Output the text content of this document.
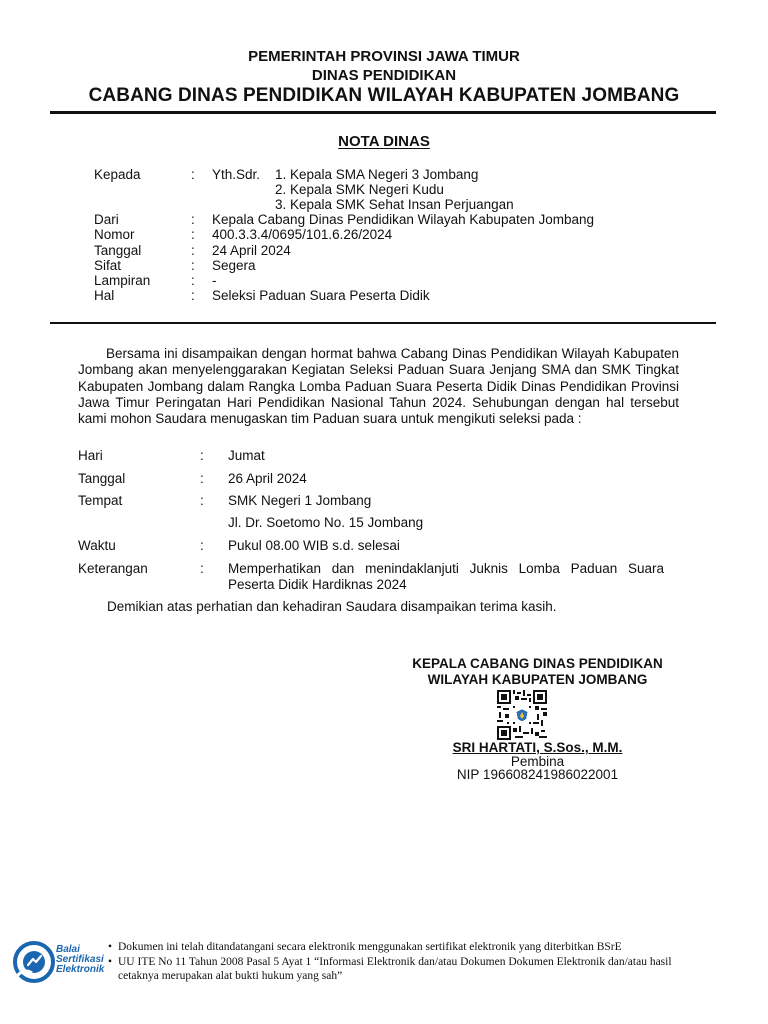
PEMERINTAH PROVINSI JAWA TIMUR
DINAS PENDIDIKAN
CABANG DINAS PENDIDIKAN WILAYAH KABUPATEN JOMBANG
NOTA DINAS
Kepada	: Yth.Sdr. 1. Kepala SMA Negeri 3 Jombang
2. Kepala SMK Negeri Kudu
3. Kepala SMK Sehat Insan Perjuangan
Dari	: Kepala Cabang Dinas Pendidikan Wilayah Kabupaten Jombang
Nomor	: 400.3.3.4/0695/101.6.26/2024
Tanggal	: 24 April 2024
Sifat	: Segera
Lampiran	: -
Hal	: Seleksi Paduan Suara Peserta Didik

Bersama ini disampaikan dengan hormat bahwa Cabang Dinas Pendidikan Wilayah Kabupaten Jombang akan menyelenggarakan Kegiatan Seleksi Paduan Suara Jenjang SMA dan SMK Tingkat Kabupaten Jombang dalam Rangka Lomba Paduan Suara Peserta Didik Dinas Pendidikan Provinsi Jawa Timur Peringatan Hari Pendidikan Nasional Tahun 2024. Sehubungan dengan hal tersebut kami mohon Saudara menugaskan tim Paduan suara untuk mengikuti seleksi pada :

Hari	: Jumat
Tanggal	: 26 April 2024
Tempat	: SMK Negeri 1 Jombang
Jl. Dr. Soetomo No. 15 Jombang
Waktu	: Pukul 08.00 WIB s.d. selesai
Keterangan	: Memperhatikan dan menindaklanjuti Juknis Lomba Paduan Suara Peserta Didik Hardiknas 2024
Demikian atas perhatian dan kehadiran Saudara disampaikan terima kasih.
KEPALA CABANG DINAS PENDIDIKAN
WILAYAH KABUPATEN JOMBANG
SRI HARTATI, S.Sos., M.M.
Pembina
NIP 196608241986022001
Balai
Sertifikasi
Elektronik
• Dokumen ini telah ditandatangani secara elektronik menggunakan sertifikat elektronik yang diterbitkan BSrE
• UU ITE No 11 Tahun 2008 Pasal 5 Ayat 1 “Informasi Elektronik dan/atau Dokumen Dokumen Elektronik dan/atau hasil cetaknya merupakan alat bukti hukum yang sah”
